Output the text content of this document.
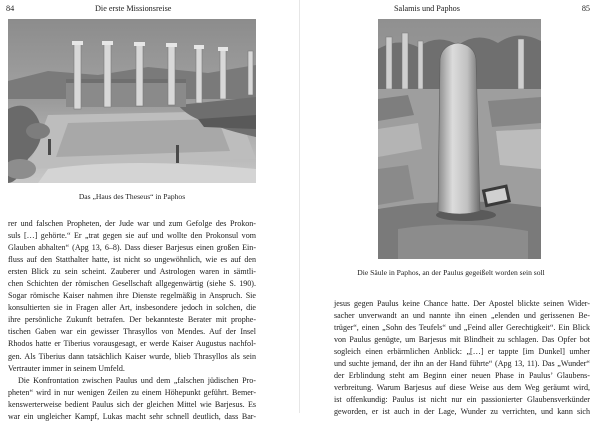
84	Die erste Missionsreise
Das „Haus des Theseus“ in Paphos

rer und falschen Propheten, der Jude war und zum Gefolge des Prokon-
suls […] gehörte.“ Er „trat gegen sie auf und wollte den Prokonsul vom
Glauben abhalten“ (Apg 13, 6–8). Dass dieser Barjesus einen großen Ein-
fluss auf den Statthalter hatte, ist nicht so ungewöhnlich, wie es auf den
ersten Blick zu sein scheint. Zauberer und Astrologen waren in sämtli-
chen Schichten der römischen Gesellschaft allgegenwärtig (siehe S. 190).
Sogar römische Kaiser nahmen ihre Dienste regelmäßig in Anspruch. Sie
konsultierten sie in Fragen aller Art, insbesondere jedoch in solchen, die
ihre persönliche Zukunft betrafen. Der bekannteste Berater mit prophe-
tischen Gaben war ein gewisser Thrasyllos von Mendes. Auf der Insel
Rhodos hatte er Tiberius vorausgesagt, er werde Kaiser Augustus nachfol-
gen. Als Tiberius dann tatsächlich Kaiser wurde, blieb Thrasyllos als sein
Vertrauter immer in seinem Umfeld.

Die Konfrontation zwischen Paulus und dem „falschen jüdischen Pro-
pheten“ wird in nur wenigen Zeilen zu einem Höhepunkt geführt. Bemer-
kenswerterweise bedient Paulus sich der gleichen Mittel wie Barjesus. Es
war ein ungleicher Kampf, Lukas macht sehr schnell deutlich, dass Bar-

Salamis und Paphos	85
Die Säule in Paphos, an der Paulus gegeißelt worden sein soll

jesus gegen Paulus keine Chance hatte. Der Apostel blickte seinen Wider-
sacher unverwandt an und nannte ihn einen „elenden und gerissenen Be-
trüger“, einen „Sohn des Teufels“ und „Feind aller Gerechtigkeit“. Ein Blick
von Paulus genügte, um Barjesus mit Blindheit zu schlagen. Das Opfer bot
sogleich einen erbärmlichen Anblick: „[…] er tappte [im Dunkel] umher
und suchte jemand, der ihn an der Hand führte“ (Apg 13, 11). Das „Wunder“
der Erblindung steht am Beginn einer neuen Phase in Paulus’ Glaubens-
verbreitung. Warum Barjesus auf diese Weise aus dem Weg geräumt wird,
ist offenkundig: Paulus ist nicht nur ein passionierter Glaubensverkünder
geworden, er ist auch in der Lage, Wunder zu verrichten, und kann sich
